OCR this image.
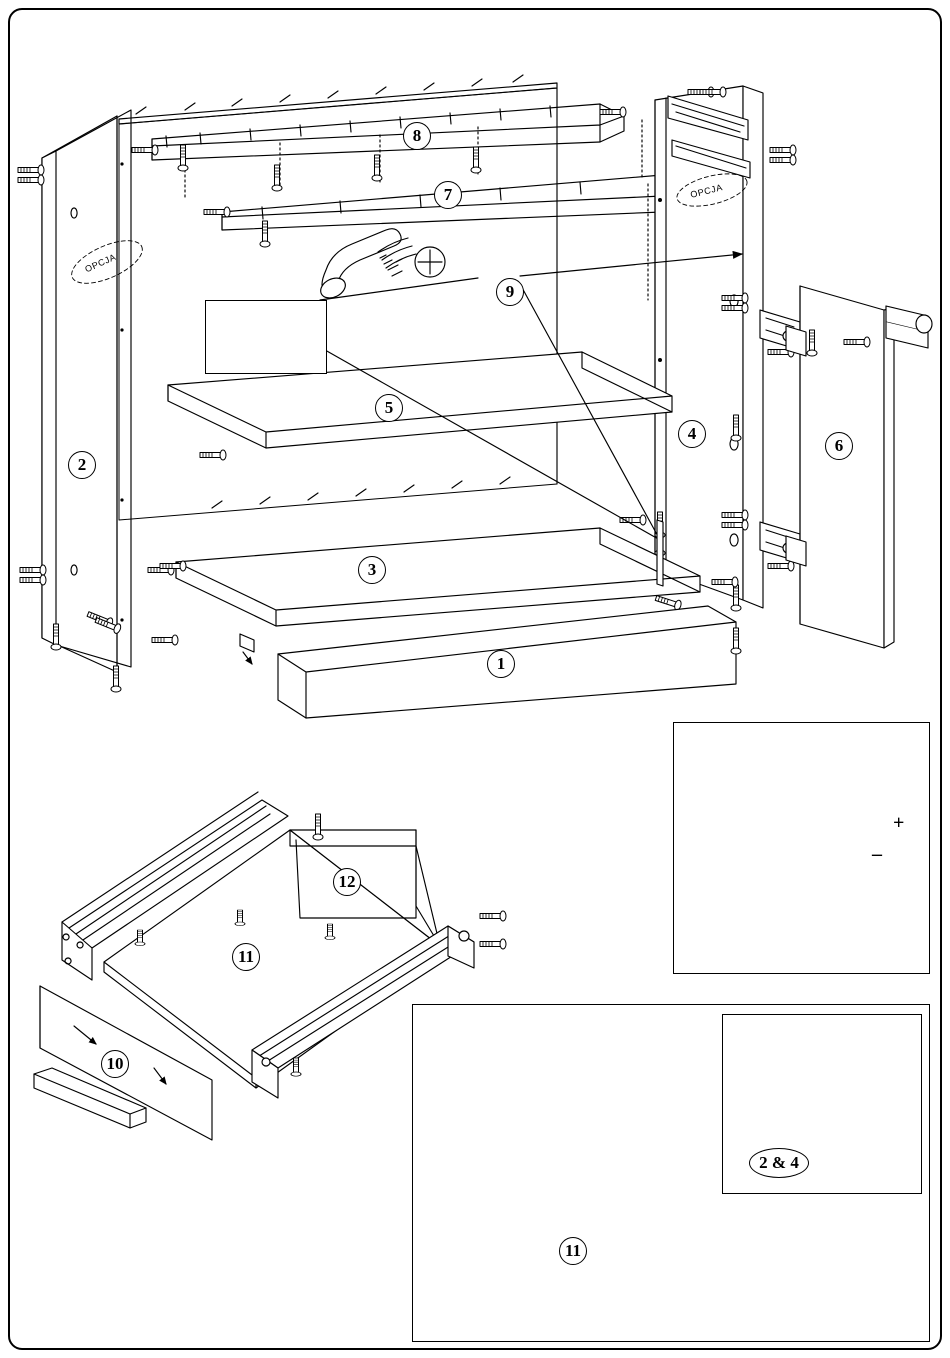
8
7
9
5
4
6
2
3
1
12
11
10
11
2 & 4
+
–
OPCJA
OPCJA
